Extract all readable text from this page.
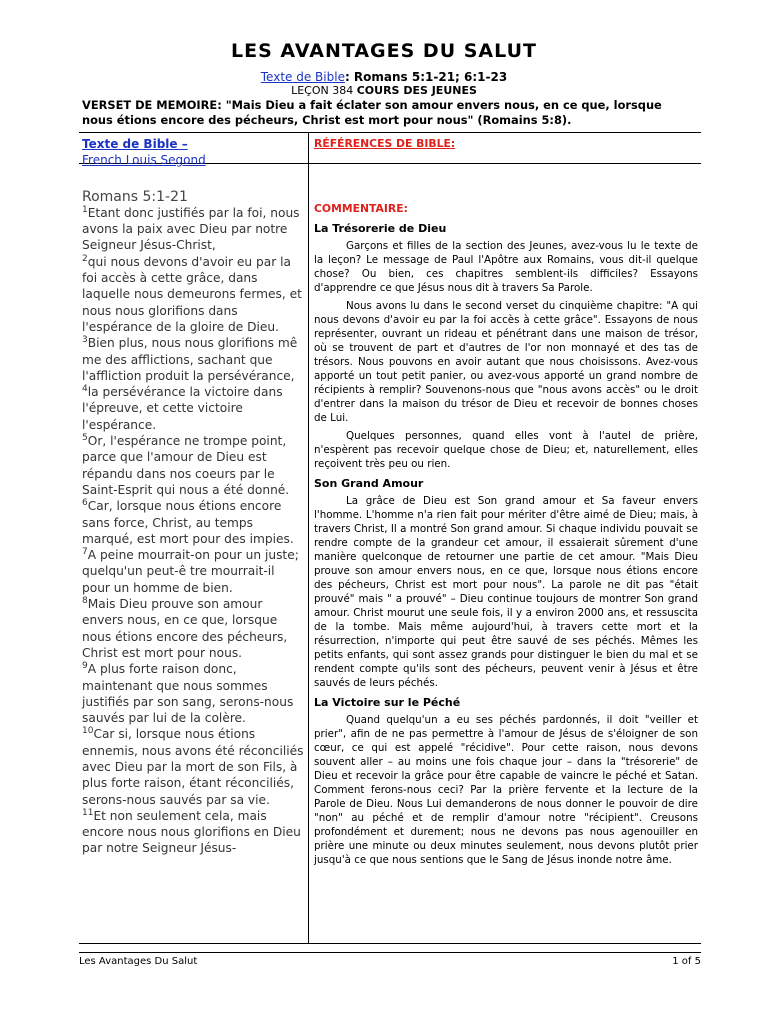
LES AVANTAGES DU SALUT
Texte de Bible: Romans 5:1-21; 6:1-23
LEÇON 384 COURS DES JEUNES
VERSET DE MEMOIRE: "Mais Dieu a fait éclater son amour envers nous, en ce que, lorsque nous étions encore des pécheurs, Christ est mort pour nous" (Romains 5:8).
Texte de Bible –
French Louis Segond
Romans 5:1-21
$^1$Etant donc justifiés par la foi, nous avons la paix avec Dieu par notre Seigneur Jésus-Christ,
$^2$qui nous devons d'avoir eu par la foi accès à cette grâce, dans laquelle nous demeurons fermes, et nous nous glorifions dans l'espérance de la gloire de Dieu.
$^3$Bien plus, nous nous glorifions mê me des afflictions, sachant que l'affliction produit la persévérance,
$^4$la persévérance la victoire dans l'épreuve, et cette victoire l'espérance.
$^5$Or, l'espérance ne trompe point, parce que l'amour de Dieu est répandu dans nos coeurs par le Saint-Esprit qui nous a été donné.
$^6$Car, lorsque nous étions encore sans force, Christ, au temps marqué, est mort pour des impies.
$^7$A peine mourrait-on pour un juste; quelqu'un peut-ê tre mourrait-il pour un homme de bien.
$^8$Mais Dieu prouve son amour envers nous, en ce que, lorsque nous étions encore des pécheurs, Christ est mort pour nous.
$^9$A plus forte raison donc, maintenant que nous sommes justifiés par son sang, serons-nous sauvés par lui de la colère.
$^{10}$Car si, lorsque nous étions ennemis, nous avons été réconciliés avec Dieu par la mort de son Fils, à plus forte raison, étant réconciliés, serons-nous sauvés par sa vie.
$^{11}$Et non seulement cela, mais encore nous nous glorifions en Dieu par notre Seigneur Jésus-
RÉFÉRENCES DE BIBLE:
COMMENTAIRE:
La Trésorerie de Dieu

Garçons et filles de la section des Jeunes, avez-vous lu le texte de la leçon? Le message de Paul l'Apôtre aux Romains, vous dit-il quelque chose? Ou bien, ces chapitres semblent-ils difficiles? Essayons d'apprendre ce que Jésus nous dit à travers Sa Parole.

Nous avons lu dans le second verset du cinquième chapitre: "A qui nous devons d'avoir eu par la foi accès à cette grâce". Essayons de nous représenter, ouvrant un rideau et pénétrant dans une maison de trésor, où se trouvent de part et d'autres de l'or non monnayé et des tas de trésors. Nous pouvons en avoir autant que nous choisissons. Avez-vous apporté un tout petit panier, ou avez-vous apporté un grand nombre de récipients à remplir? Souvenons-nous que "nous avons accès" ou le droit d'entrer dans la maison du trésor de Dieu et recevoir de bonnes choses de Lui.

Quelques personnes, quand elles vont à l'autel de prière, n'espèrent pas recevoir quelque chose de Dieu; et, naturellement, elles reçoivent très peu ou rien.

Son Grand Amour

La grâce de Dieu est Son grand amour et Sa faveur envers l'homme. L'homme n'a rien fait pour mériter d'être aimé de Dieu; mais, à travers Christ, Il a montré Son grand amour. Si chaque individu pouvait se rendre compte de la grandeur cet amour, il essaierait sûrement d'une manière quelconque de retourner une partie de cet amour. "Mais Dieu prouve son amour envers nous, en ce que, lorsque nous étions encore des pécheurs, Christ est mort pour nous". La parole ne dit pas "était prouvé" mais " a prouvé" – Dieu continue toujours de montrer Son grand amour. Christ mourut une seule fois, il y a environ 2000 ans, et ressuscita de la tombe. Mais même aujourd'hui, à travers cette mort et la résurrection, n'importe qui peut être sauvé de ses péchés. Mêmes les petits enfants, qui sont assez grands pour distinguer le bien du mal et se rendent compte qu'ils sont des pécheurs, peuvent venir à Jésus et être sauvés de leurs péchés.

La Victoire sur le Péché

Quand quelqu'un a eu ses péchés pardonnés, il doit "veiller et prier", afin de ne pas permettre à l'amour de Jésus de s'éloigner de son cœur, ce qui est appelé "récidive". Pour cette raison, nous devons souvent aller – au moins une fois chaque jour – dans la "trésorerie" de Dieu et recevoir la grâce pour être capable de vaincre le péché et Satan. Comment ferons-nous ceci? Par la prière fervente et la lecture de la Parole de Dieu. Nous Lui demanderons de nous donner le pouvoir de dire "non" au péché et de remplir d'amour notre "récipient". Creusons profondément et durement; nous ne devons pas nous agenouiller en prière une minute ou deux minutes seulement, nous devons plutôt prier jusqu'à ce que nous sentions que le Sang de Jésus inonde notre âme.

Les Avantages Du Salut	1 of 5
